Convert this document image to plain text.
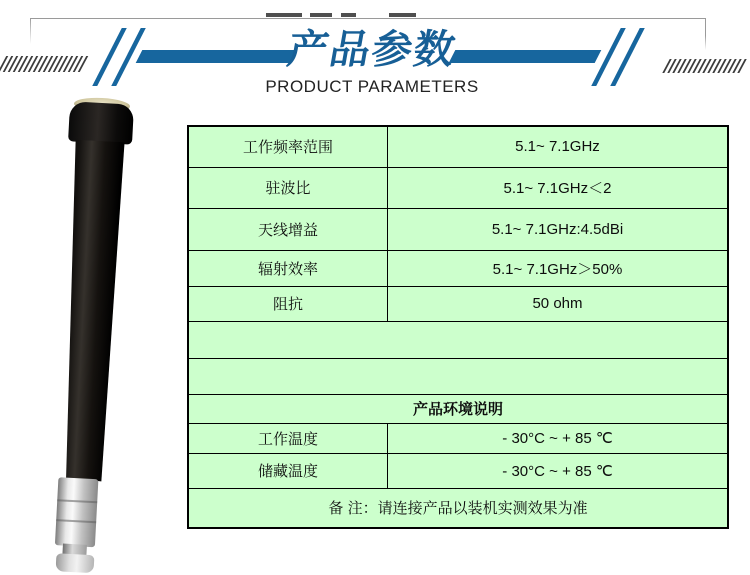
产品参数
PRODUCT PARAMETERS
工作频率范围	5.1~ 7.1GHz
驻波比	5.1~ 7.1GHz＜2
天线增益	5.1~ 7.1GHz:4.5dBi
辐射效率	5.1~ 7.1GHz＞50%
阻抗	50 ohm

产品环境说明	
工作温度	- 30°C ~ + 85 ℃
储藏温度	- 30°C ~ + 85 ℃
备 注：请连接产品以装机实测效果为准	
